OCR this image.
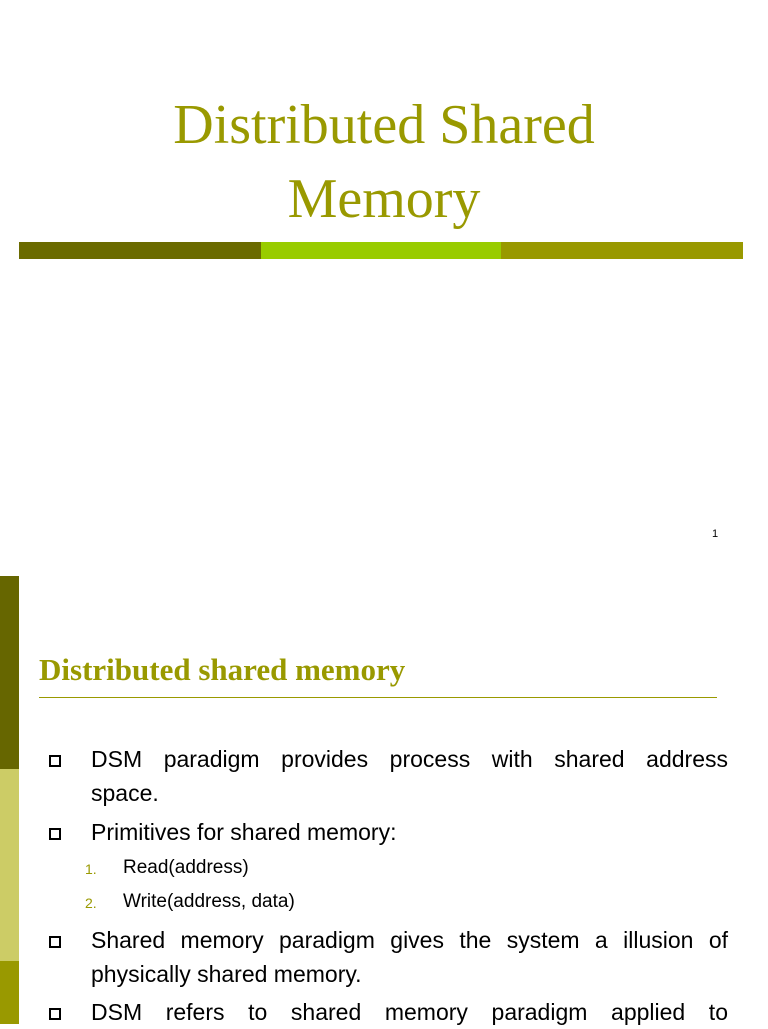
Distributed Shared
Memory
1
Distributed shared memory
DSM paradigm provides process with shared address
space.
Primitives for shared memory:
1. Read(address)
2. Write(address, data)
Shared memory paradigm gives the system a illusion of
physically shared memory.
DSM refers to shared memory paradigm applied to
